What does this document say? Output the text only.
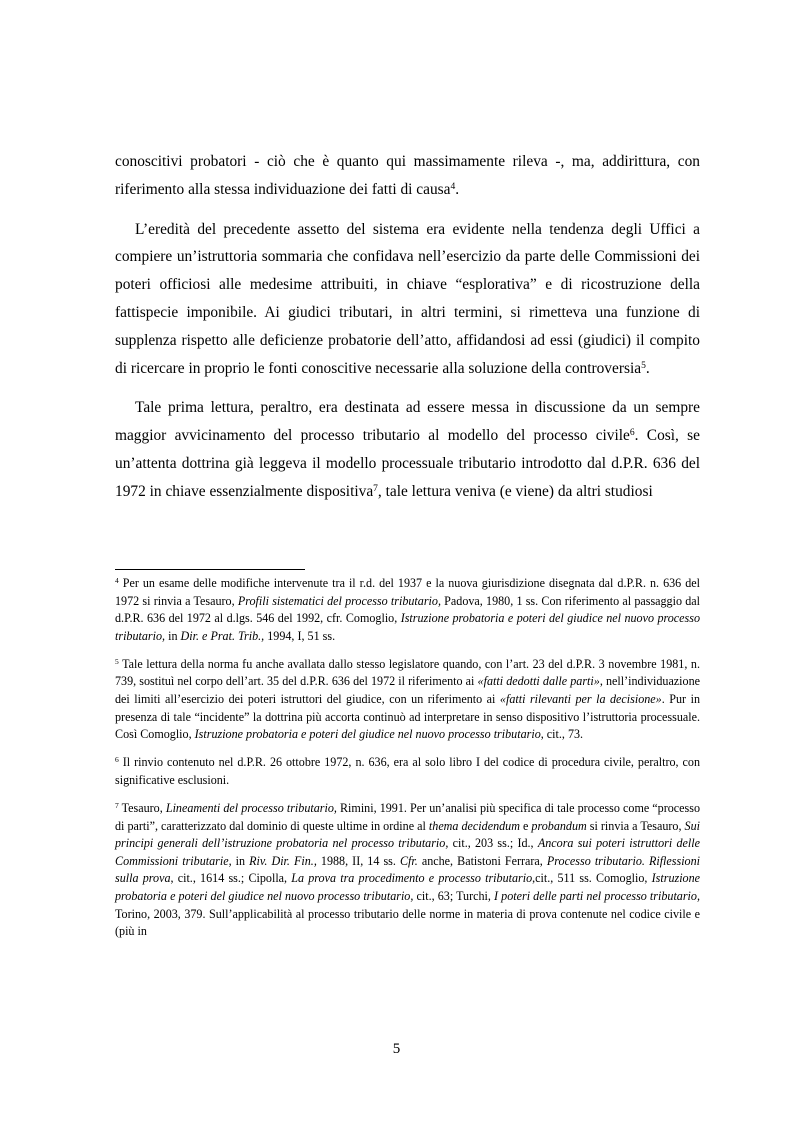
conoscitivi probatori - ciò che è quanto qui massimamente rileva -, ma, addirittura, con riferimento alla stessa individuazione dei fatti di causa$^4$.

L’eredità del precedente assetto del sistema era evidente nella tendenza degli Uffici a compiere un’istruttoria sommaria che confidava nell’esercizio da parte delle Commissioni dei poteri officiosi alle medesime attribuiti, in chiave “esplorativa” e di ricostruzione della fattispecie imponibile. Ai giudici tributari, in altri termini, si rimetteva una funzione di supplenza rispetto alle deficienze probatorie dell’atto, affidandosi ad essi (giudici) il compito di ricercare in proprio le fonti conoscitive necessarie alla soluzione della controversia$^5$.

Tale prima lettura, peraltro, era destinata ad essere messa in discussione da un sempre maggior avvicinamento del processo tributario al modello del processo civile$^6$. Così, se un’attenta dottrina già leggeva il modello processuale tributario introdotto dal d.P.R. 636 del 1972 in chiave essenzialmente dispositiva$^7$, tale lettura veniva (e viene) da altri studiosi

$^4$ Per un esame delle modifiche intervenute tra il r.d. del 1937 e la nuova giurisdizione disegnata dal d.P.R. n. 636 del 1972 si rinvia a Tesauro, Profili sistematici del processo tributario, Padova, 1980, 1 ss. Con riferimento al passaggio dal d.P.R. 636 del 1972 al d.lgs. 546 del 1992, cfr. Comoglio, Istruzione probatoria e poteri del giudice nel nuovo processo tributario, in Dir. e Prat. Trib., 1994, I, 51 ss.

$^5$ Tale lettura della norma fu anche avallata dallo stesso legislatore quando, con l’art. 23 del d.P.R. 3 novembre 1981, n. 739, sostituì nel corpo dell’art. 35 del d.P.R. 636 del 1972 il riferimento ai «fatti dedotti dalle parti», nell’individuazione dei limiti all’esercizio dei poteri istruttori del giudice, con un riferimento ai «fatti rilevanti per la decisione». Pur in presenza di tale “incidente” la dottrina più accorta continuò ad interpretare in senso dispositivo l’istruttoria processuale. Così Comoglio, Istruzione probatoria e poteri del giudice nel nuovo processo tributario, cit., 73.

$^6$ Il rinvio contenuto nel d.P.R. 26 ottobre 1972, n. 636, era al solo libro I del codice di procedura civile, peraltro, con significative esclusioni.

$^7$ Tesauro, Lineamenti del processo tributario, Rimini, 1991. Per un’analisi più specifica di tale processo come “processo di parti”, caratterizzato dal dominio di queste ultime in ordine al thema decidendum e probandum si rinvia a Tesauro, Sui principi generali dell’istruzione probatoria nel processo tributario, cit., 203 ss.; Id., Ancora sui poteri istruttori delle Commissioni tributarie, in Riv. Dir. Fin., 1988, II, 14 ss. Cfr. anche, Batistoni Ferrara, Processo tributario. Riflessioni sulla prova, cit., 1614 ss.; Cipolla, La prova tra procedimento e processo tributario,cit., 511 ss. Comoglio, Istruzione probatoria e poteri del giudice nel nuovo processo tributario, cit., 63; Turchi, I poteri delle parti nel processo tributario, Torino, 2003, 379. Sull’applicabilità al processo tributario delle norme in materia di prova contenute nel codice civile e (più in

5
